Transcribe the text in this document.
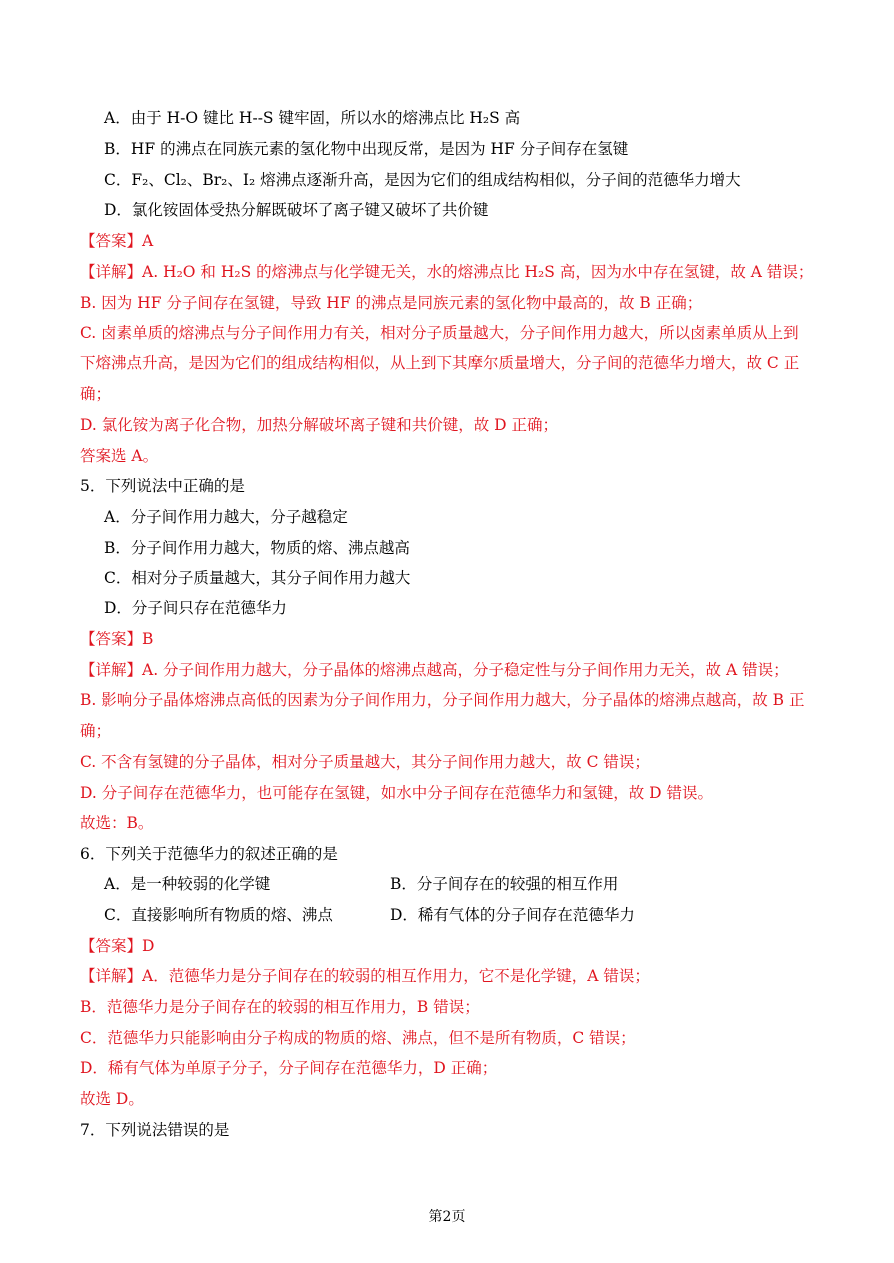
A．由于 H-O 键比 H--S 键牢固，所以水的熔沸点比 H₂S 高
B．HF 的沸点在同族元素的氢化物中出现反常，是因为 HF 分子间存在氢键
C．F₂、Cl₂、Br₂、I₂ 熔沸点逐渐升高，是因为它们的组成结构相似，分子间的范德华力增大
D．氯化铵固体受热分解既破坏了离子键又破坏了共价键
【答案】A
【详解】A. H₂O 和 H₂S 的熔沸点与化学键无关，水的熔沸点比 H₂S 高，因为水中存在氢键，故 A 错误；
B. 因为 HF 分子间存在氢键，导致 HF 的沸点是同族元素的氢化物中最高的，故 B 正确；
C. 卤素单质的熔沸点与分子间作用力有关，相对分子质量越大，分子间作用力越大，所以卤素单质从上到
下熔沸点升高，是因为它们的组成结构相似，从上到下其摩尔质量增大，分子间的范德华力增大，故 C 正
确；
D. 氯化铵为离子化合物，加热分解破坏离子键和共价键，故 D 正确；
答案选 A。
5．下列说法中正确的是
A．分子间作用力越大，分子越稳定
B．分子间作用力越大，物质的熔、沸点越高
C．相对分子质量越大，其分子间作用力越大
D．分子间只存在范德华力
【答案】B
【详解】A. 分子间作用力越大，分子晶体的熔沸点越高，分子稳定性与分子间作用力无关，故 A 错误；
B. 影响分子晶体熔沸点高低的因素为分子间作用力，分子间作用力越大，分子晶体的熔沸点越高，故 B 正
确；
C. 不含有氢键的分子晶体，相对分子质量越大，其分子间作用力越大，故 C 错误；
D. 分子间存在范德华力，也可能存在氢键，如水中分子间存在范德华力和氢键，故 D 错误。
故选：B。
6．下列关于范德华力的叙述正确的是
A．是一种较弱的化学键	B．分子间存在的较强的相互作用
C．直接影响所有物质的熔、沸点	D．稀有气体的分子间存在范德华力
【答案】D
【详解】A．范德华力是分子间存在的较弱的相互作用力，它不是化学键，A 错误；
B．范德华力是分子间存在的较弱的相互作用力，B 错误；
C．范德华力只能影响由分子构成的物质的熔、沸点，但不是所有物质，C 错误；
D．稀有气体为单原子分子，分子间存在范德华力，D 正确；
故选 D。
7．下列说法错误的是
第2页
